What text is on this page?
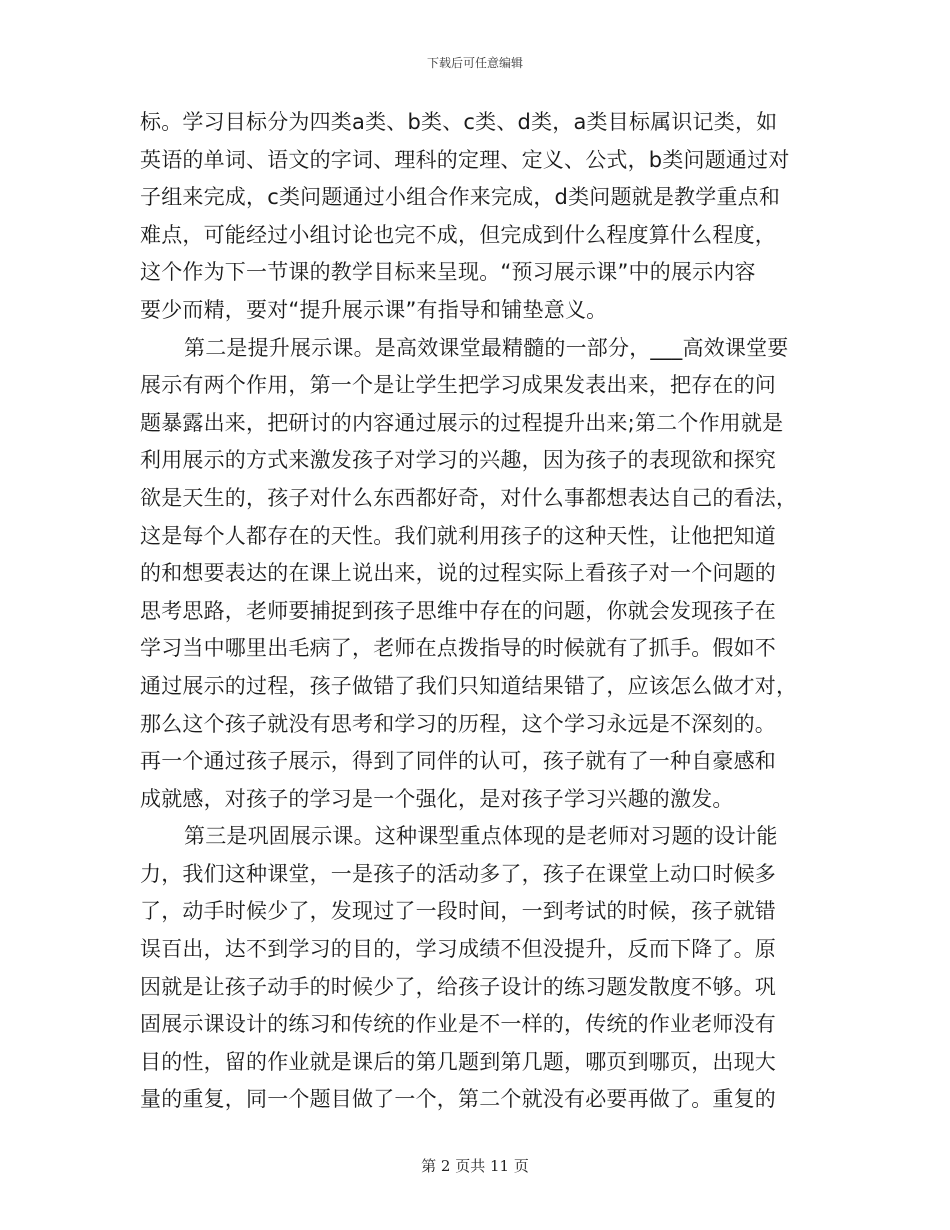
下载后可任意编辑
标。学习目标分为四类a类、b类、c类、d类，a类目标属识记类，如
英语的单词、语文的字词、理科的定理、定义、公式，b类问题通过对
子组来完成，c类问题通过小组合作来完成，d类问题就是教学重点和
难点，可能经过小组讨论也完不成，但完成到什么程度算什么程度，
这个作为下一节课的教学目标来呈现。“预习展示课”中的展示内容
要少而精，要对“提升展示课”有指导和铺垫意义。
第二是提升展示课。是高效课堂最精髓的一部分，___高效课堂要
展示有两个作用，第一个是让学生把学习成果发表出来，把存在的问
题暴露出来，把研讨的内容通过展示的过程提升出来;第二个作用就是
利用展示的方式来激发孩子对学习的兴趣，因为孩子的表现欲和探究
欲是天生的，孩子对什么东西都好奇，对什么事都想表达自己的看法，
这是每个人都存在的天性。我们就利用孩子的这种天性，让他把知道
的和想要表达的在课上说出来，说的过程实际上看孩子对一个问题的
思考思路，老师要捕捉到孩子思维中存在的问题，你就会发现孩子在
学习当中哪里出毛病了，老师在点拨指导的时候就有了抓手。假如不
通过展示的过程，孩子做错了我们只知道结果错了，应该怎么做才对，
那么这个孩子就没有思考和学习的历程，这个学习永远是不深刻的。
再一个通过孩子展示，得到了同伴的认可，孩子就有了一种自豪感和
成就感，对孩子的学习是一个强化，是对孩子学习兴趣的激发。
第三是巩固展示课。这种课型重点体现的是老师对习题的设计能
力，我们这种课堂，一是孩子的活动多了，孩子在课堂上动口时候多
了，动手时候少了，发现过了一段时间，一到考试的时候，孩子就错
误百出，达不到学习的目的，学习成绩不但没提升，反而下降了。原
因就是让孩子动手的时候少了，给孩子设计的练习题发散度不够。巩
固展示课设计的练习和传统的作业是不一样的，传统的作业老师没有
目的性，留的作业就是课后的第几题到第几题，哪页到哪页，出现大
量的重复，同一个题目做了一个，第二个就没有必要再做了。重复的
第 2 页共 11 页
